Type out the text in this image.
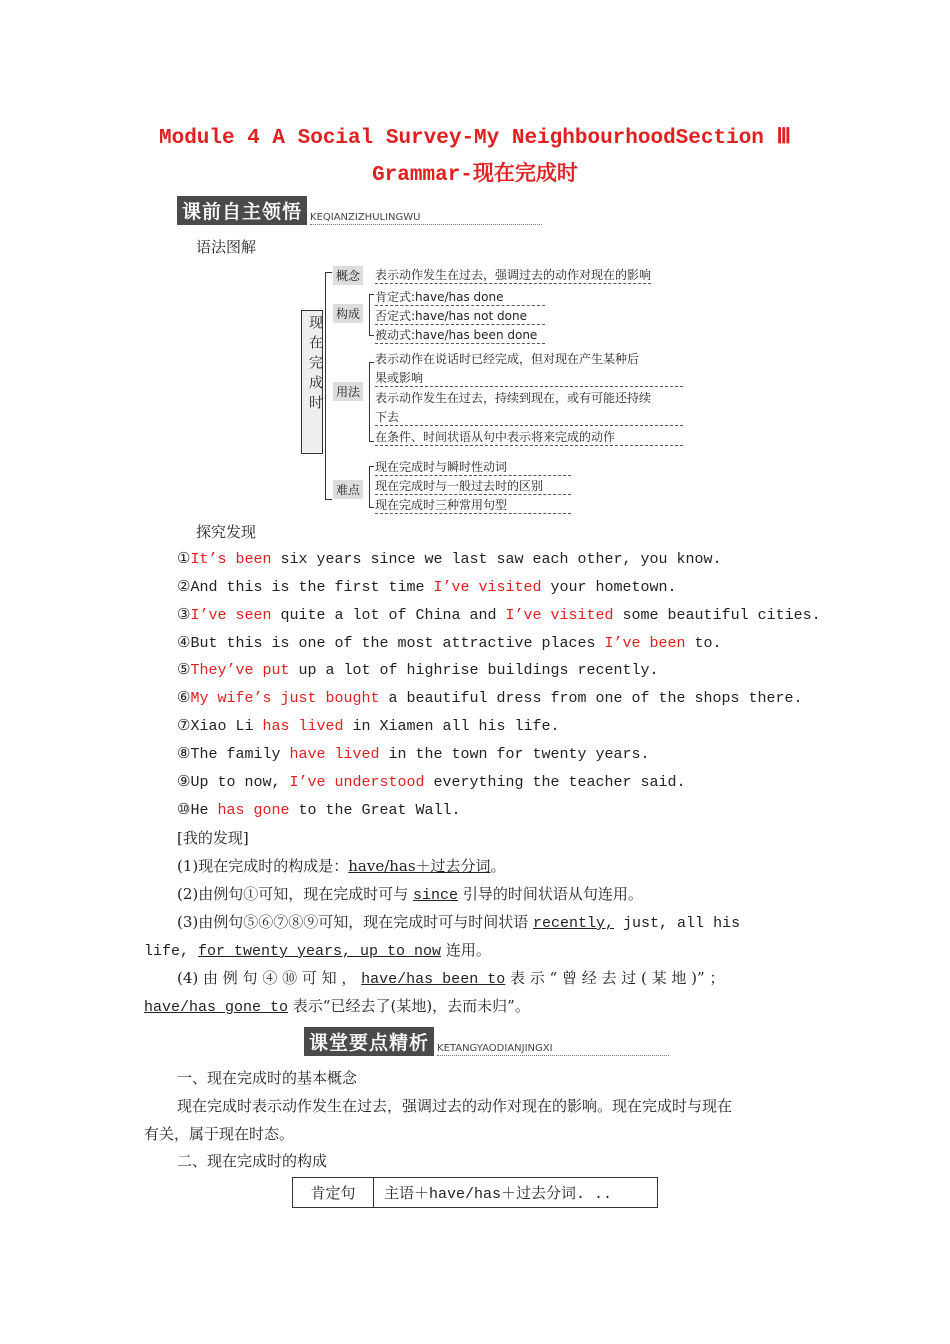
Module 4 A Social Survey-My NeighbourhoodSection Ⅲ
Grammar-现在完成时
课前自主领悟 KEQIANZIZHULINGWU
语法图解
现在完成时
概念 表示动作发生在过去，强调过去的动作对现在的影响
构成
肯定式:have/has done
否定式:have/has not done
被动式:have/has been done
用法
表示动作在说话时已经完成，但对现在产生某种后
果或影响
表示动作发生在过去，持续到现在，或有可能还持续
下去
在条件、时间状语从句中表示将来完成的动作
难点
现在完成时与瞬时性动词
现在完成时与一般过去时的区别
现在完成时三种常用句型
探究发现
①It’s been six years since we last saw each other, you know.
②And this is the first time I’ve visited your hometown.
③I’ve seen quite a lot of China and I’ve visited some beautiful cities.
④But this is one of the most attractive places I’ve been to.
⑤They’ve put up a lot of highrise buildings recently.
⑥My wife’s just bought a beautiful dress from one of the shops there.
⑦Xiao Li has lived in Xiamen all his life.
⑧The family have lived in the town for twenty years.
⑨Up to now, I’ve understood everything the teacher said.
⑩He has gone to the Great Wall.
[我的发现]
(1)现在完成时的构成是：have/has＋过去分词。
(2)由例句①可知，现在完成时可与 since 引导的时间状语从句连用。
(3)由例句⑤⑥⑦⑧⑨可知，现在完成时可与时间状语 recently, just, all his
life, for twenty years, up to now 连用。
(4) 由 例 句 ④ ⑩ 可 知 ， have/has been to 表 示 “ 曾 经 去 过 ( 某 地 )” ；
have/has gone to 表示“已经去了(某地)，去而未归”。
课堂要点精析 KETANGYAODIANJINGXI
一、现在完成时的基本概念
现在完成时表示动作发生在过去，强调过去的动作对现在的影响。现在完成时与现在
有关，属于现在时态。
二、现在完成时的构成
肯定句	主语＋have/has＋过去分词. ..
